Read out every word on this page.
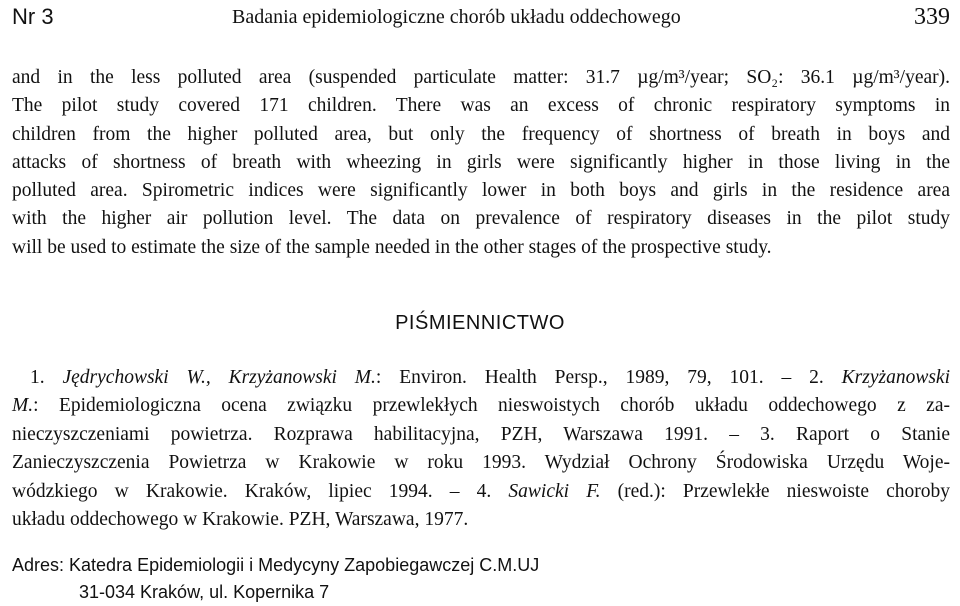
Nr 3	Badania epidemiologiczne chorób układu oddechowego	339
and in the less polluted area (suspended particulate matter: 31.7 µg/m³/year; SO₂: 36.1 µg/m³/year).
The pilot study covered 171 children. There was an excess of chronic respiratory symptoms in
children from the higher polluted area, but only the frequency of shortness of breath in boys and
attacks of shortness of breath with wheezing in girls were significantly higher in those living in the
polluted area. Spirometric indices were significantly lower in both boys and girls in the residence area
with the higher air pollution level. The data on prevalence of respiratory diseases in the pilot study
will be used to estimate the size of the sample needed in the other stages of the prospective study.
PIŚMIENNICTWO
1. Jędrychowski W., Krzyżanowski M.: Environ. Health Persp., 1989, 79, 101. – 2. Krzyżanowski
M.: Epidemiologiczna ocena związku przewlekłych nieswoistych chorób układu oddechowego z za-
nieczyszczeniami powietrza. Rozprawa habilitacyjna, PZH, Warszawa 1991. – 3. Raport o Stanie
Zanieczyszczenia Powietrza w Krakowie w roku 1993. Wydział Ochrony Środowiska Urzędu Woje-
wódzkiego w Krakowie. Kraków, lipiec 1994. – 4. Sawicki F. (red.): Przewlekłe nieswoiste choroby
układu oddechowego w Krakowie. PZH, Warszawa, 1977.
Adres: Katedra Epidemiologii i Medycyny Zapobiegawczej C.M.UJ
31-034 Kraków, ul. Kopernika 7
